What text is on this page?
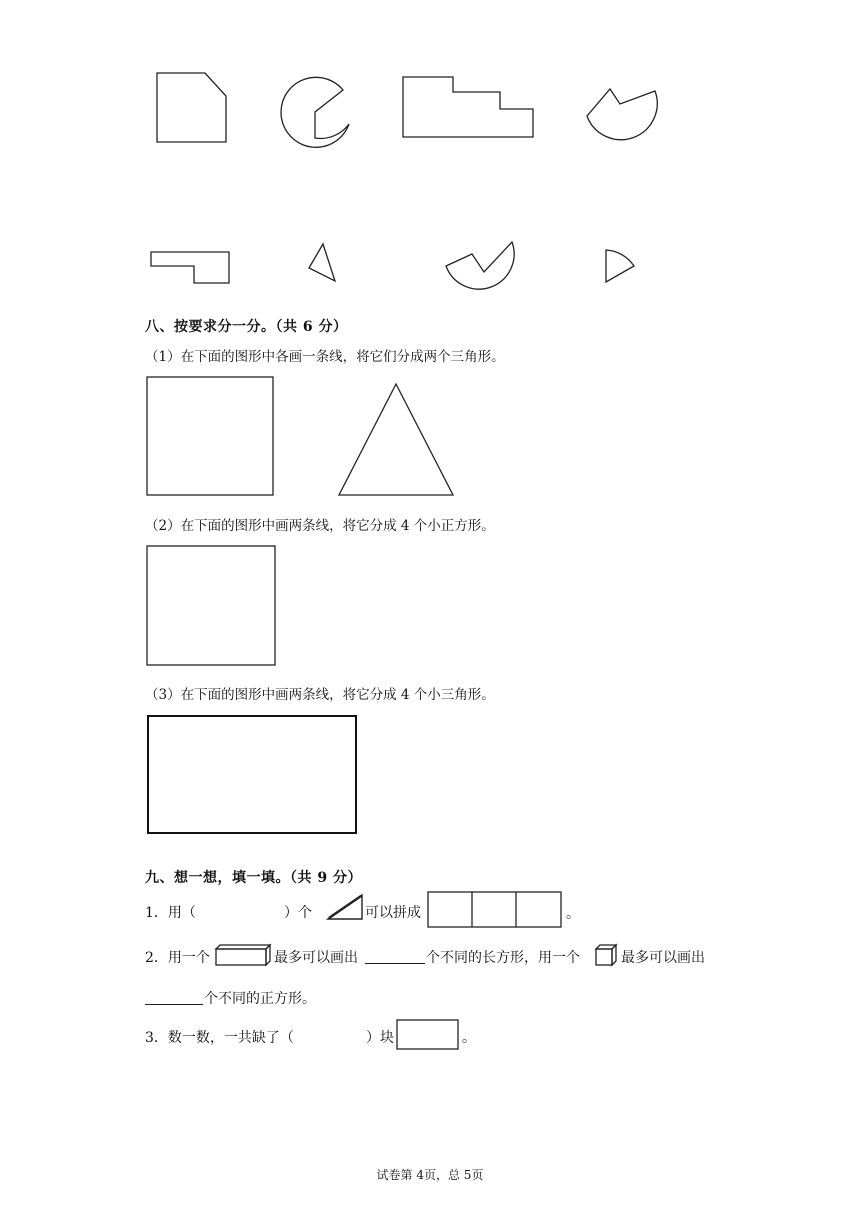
八、按要求分一分。（共 6 分）
（1）在下面的图形中各画一条线，将它们分成两个三角形。
（2）在下面的图形中画两条线，将它分成 4 个小正方形。
（3）在下面的图形中画两条线，将它分成 4 个小三角形。
九、想一想，填一填。（共 9 分）
1．用（	）个	可以拼成	。
2．用一个	最多可以画出	个不同的长方形，用一个	最多可以画出
个不同的正方形。
3．数一数，一共缺了（	）块	。
试卷第 4页，总 5页
